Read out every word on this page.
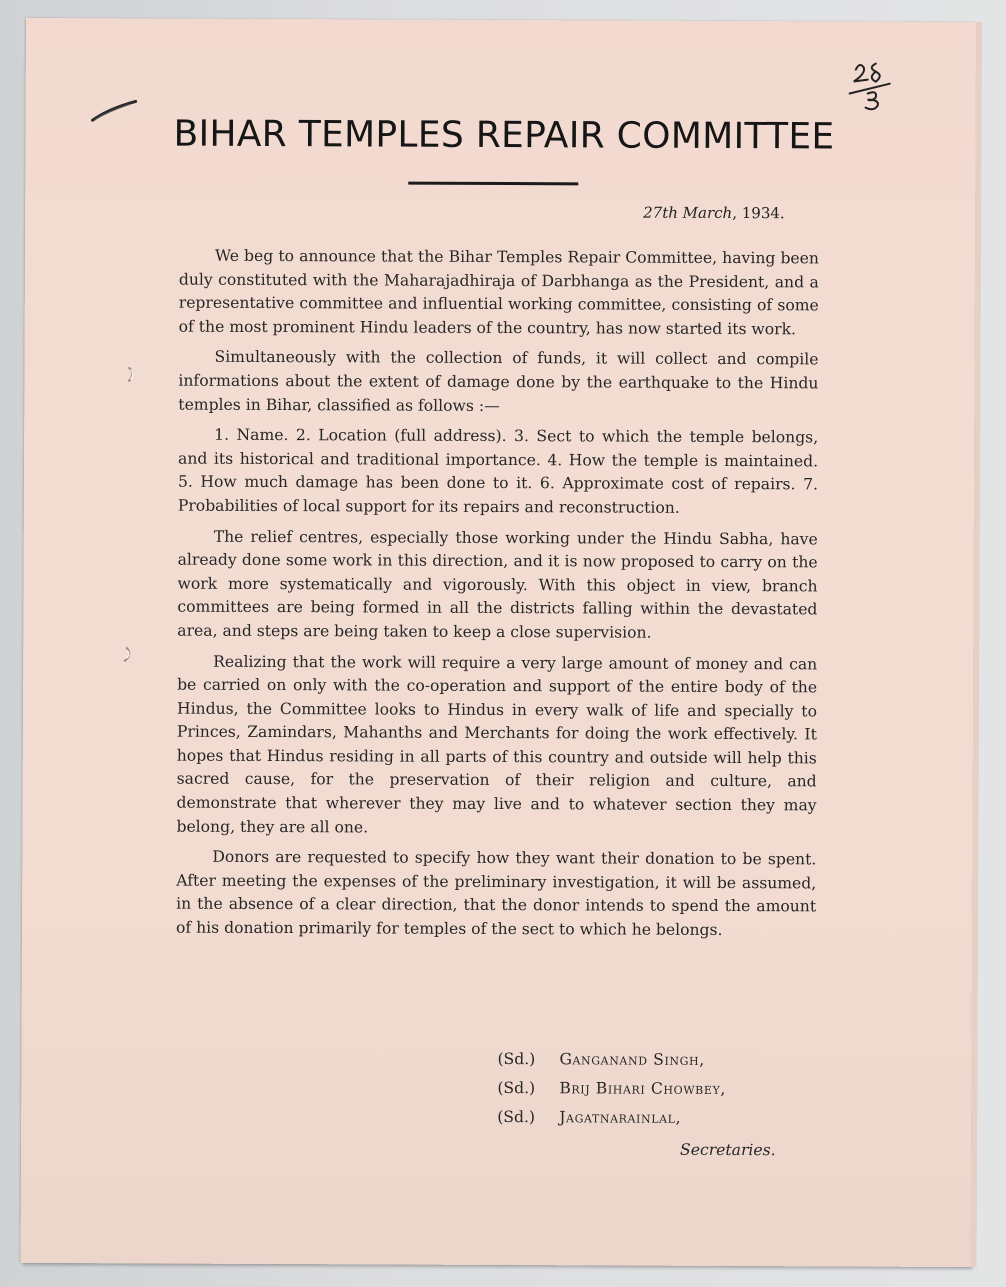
BIHAR TEMPLES REPAIR COMMITTEE
27th March, 1934.

We beg to announce that the Bihar Temples Repair Committee, having been duly constituted with the Maharajadhiraja of Darbhanga as the President, and a representative committee and influential working committee, consisting of some of the most prominent Hindu leaders of the country, has now started its work.

Simultaneously with the collection of funds, it will collect and compile informations about the extent of damage done by the earthquake to the Hindu temples in Bihar, classified as follows :—

1. Name. 2. Location (full address). 3. Sect to which the temple belongs, and its historical and traditional importance. 4. How the temple is maintained. 5. How much damage has been done to it. 6. Approximate cost of repairs. 7. Probabilities of local support for its repairs and reconstruction.

The relief centres, especially those working under the Hindu Sabha, have already done some work in this direction, and it is now proposed to carry on the work more systematically and vigorously. With this object in view, branch committees are being formed in all the districts falling within the devastated area, and steps are being taken to keep a close supervision.

Realizing that the work will require a very large amount of money and can be carried on only with the co-operation and support of the entire body of the Hindus, the Committee looks to Hindus in every walk of life and specially to Princes, Zamindars, Mahanths and Merchants for doing the work effectively. It hopes that Hindus residing in all parts of this country and outside will help this sacred cause, for the preservation of their religion and culture, and demonstrate that wherever they may live and to whatever section they may belong, they are all one.

Donors are requested to specify how they want their donation to be spent. After meeting the expenses of the preliminary investigation, it will be assumed, in the absence of a clear direction, that the donor intends to spend the amount of his donation primarily for temples of the sect to which he belongs.

(Sd.) Ganganand Singh,
(Sd.) Brij Bihari Chowbey,
(Sd.) Jagatnarainlal,
Secretaries.
